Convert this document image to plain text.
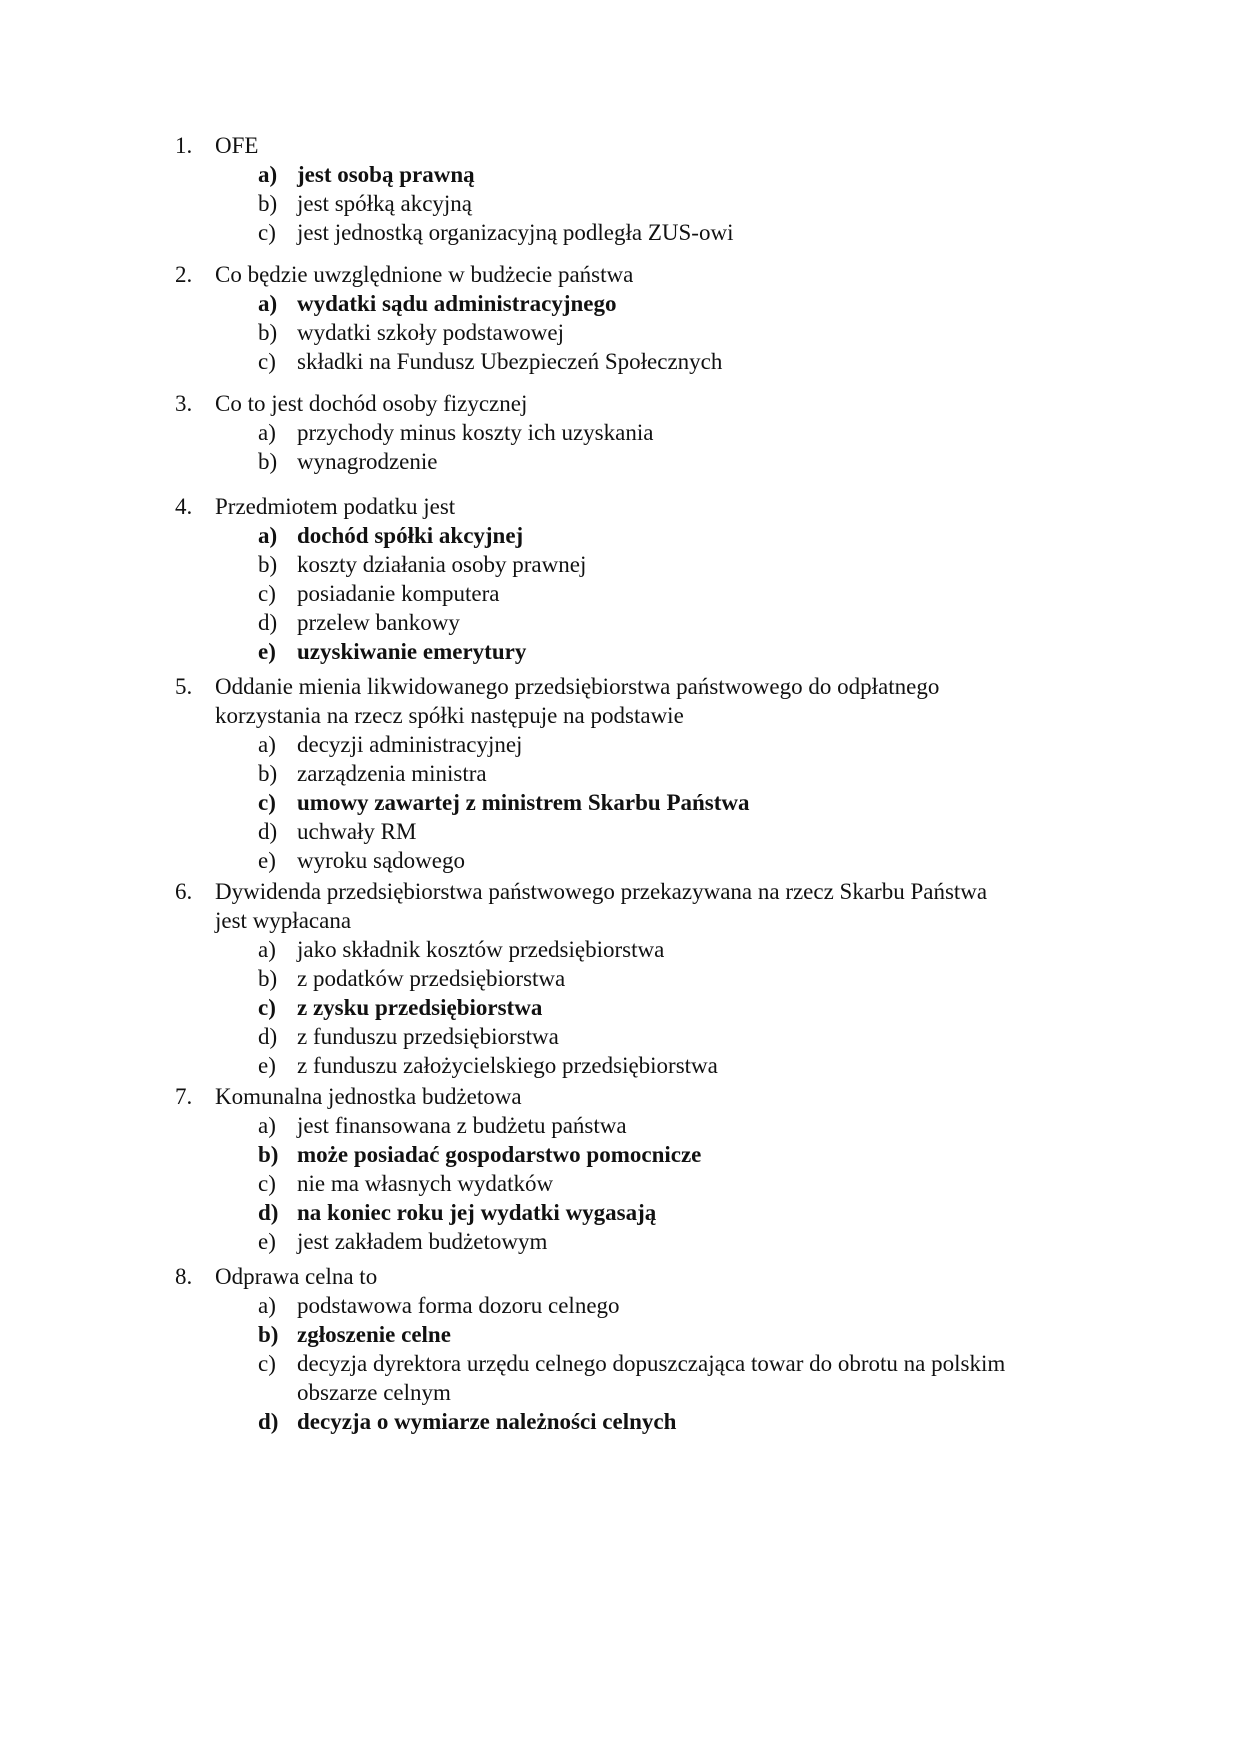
1. OFE
a) jest osobą prawną
b) jest spółką akcyjną
c) jest jednostką organizacyjną podległa ZUS-owi
2. Co będzie uwzględnione w budżecie państwa
a) wydatki sądu administracyjnego
b) wydatki szkoły podstawowej
c) składki na Fundusz Ubezpieczeń Społecznych
3. Co to jest dochód osoby fizycznej
a) przychody minus koszty ich uzyskania
b) wynagrodzenie
4. Przedmiotem podatku jest
a) dochód spółki akcyjnej
b) koszty działania osoby prawnej
c) posiadanie komputera
d) przelew bankowy
e) uzyskiwanie emerytury
5. Oddanie mienia likwidowanego przedsiębiorstwa państwowego do odpłatnego korzystania na rzecz spółki następuje na podstawie
a) decyzji administracyjnej
b) zarządzenia ministra
c) umowy zawartej z ministrem Skarbu Państwa
d) uchwały RM
e) wyroku sądowego
6. Dywidenda przedsiębiorstwa państwowego przekazywana na rzecz Skarbu Państwa jest wypłacana
a) jako składnik kosztów przedsiębiorstwa
b) z podatków przedsiębiorstwa
c) z zysku przedsiębiorstwa
d) z funduszu przedsiębiorstwa
e) z funduszu założycielskiego przedsiębiorstwa
7. Komunalna jednostka budżetowa
a) jest finansowana z budżetu państwa
b) może posiadać gospodarstwo pomocnicze
c) nie ma własnych wydatków
d) na koniec roku jej wydatki wygasają
e) jest zakładem budżetowym
8. Odprawa celna to
a) podstawowa forma dozoru celnego
b) zgłoszenie celne
c) decyzja dyrektora urzędu celnego dopuszczająca towar do obrotu na polskim obszarze celnym
d) decyzja o wymiarze należności celnych
